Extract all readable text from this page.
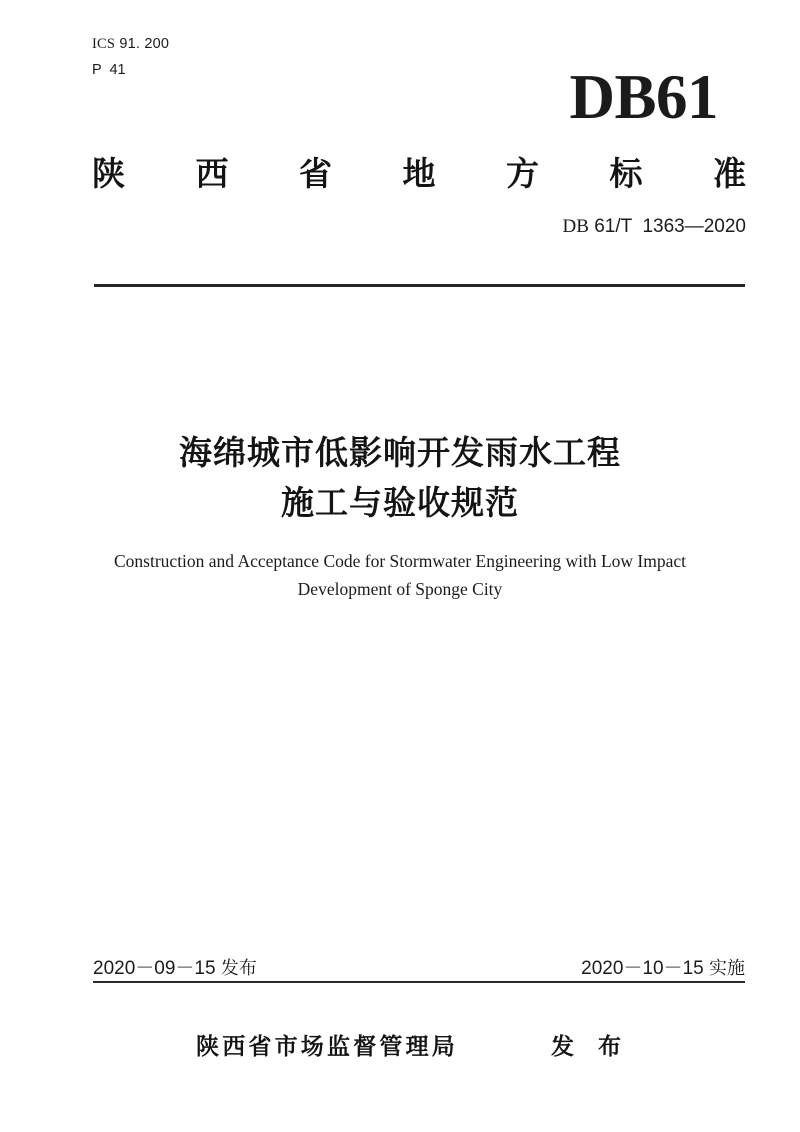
ICS 91. 200
P  41	DB61
陕 西 省 地 方 标 准
DB 61/T  1363—2020
海绵城市低影响开发雨水工程
施工与验收规范
Construction and Acceptance Code for Stormwater Engineering with Low Impact
Development of Sponge City
2020－09－15 发布	2020－10－15 实施
陕西省市场监督管理局	发 布
